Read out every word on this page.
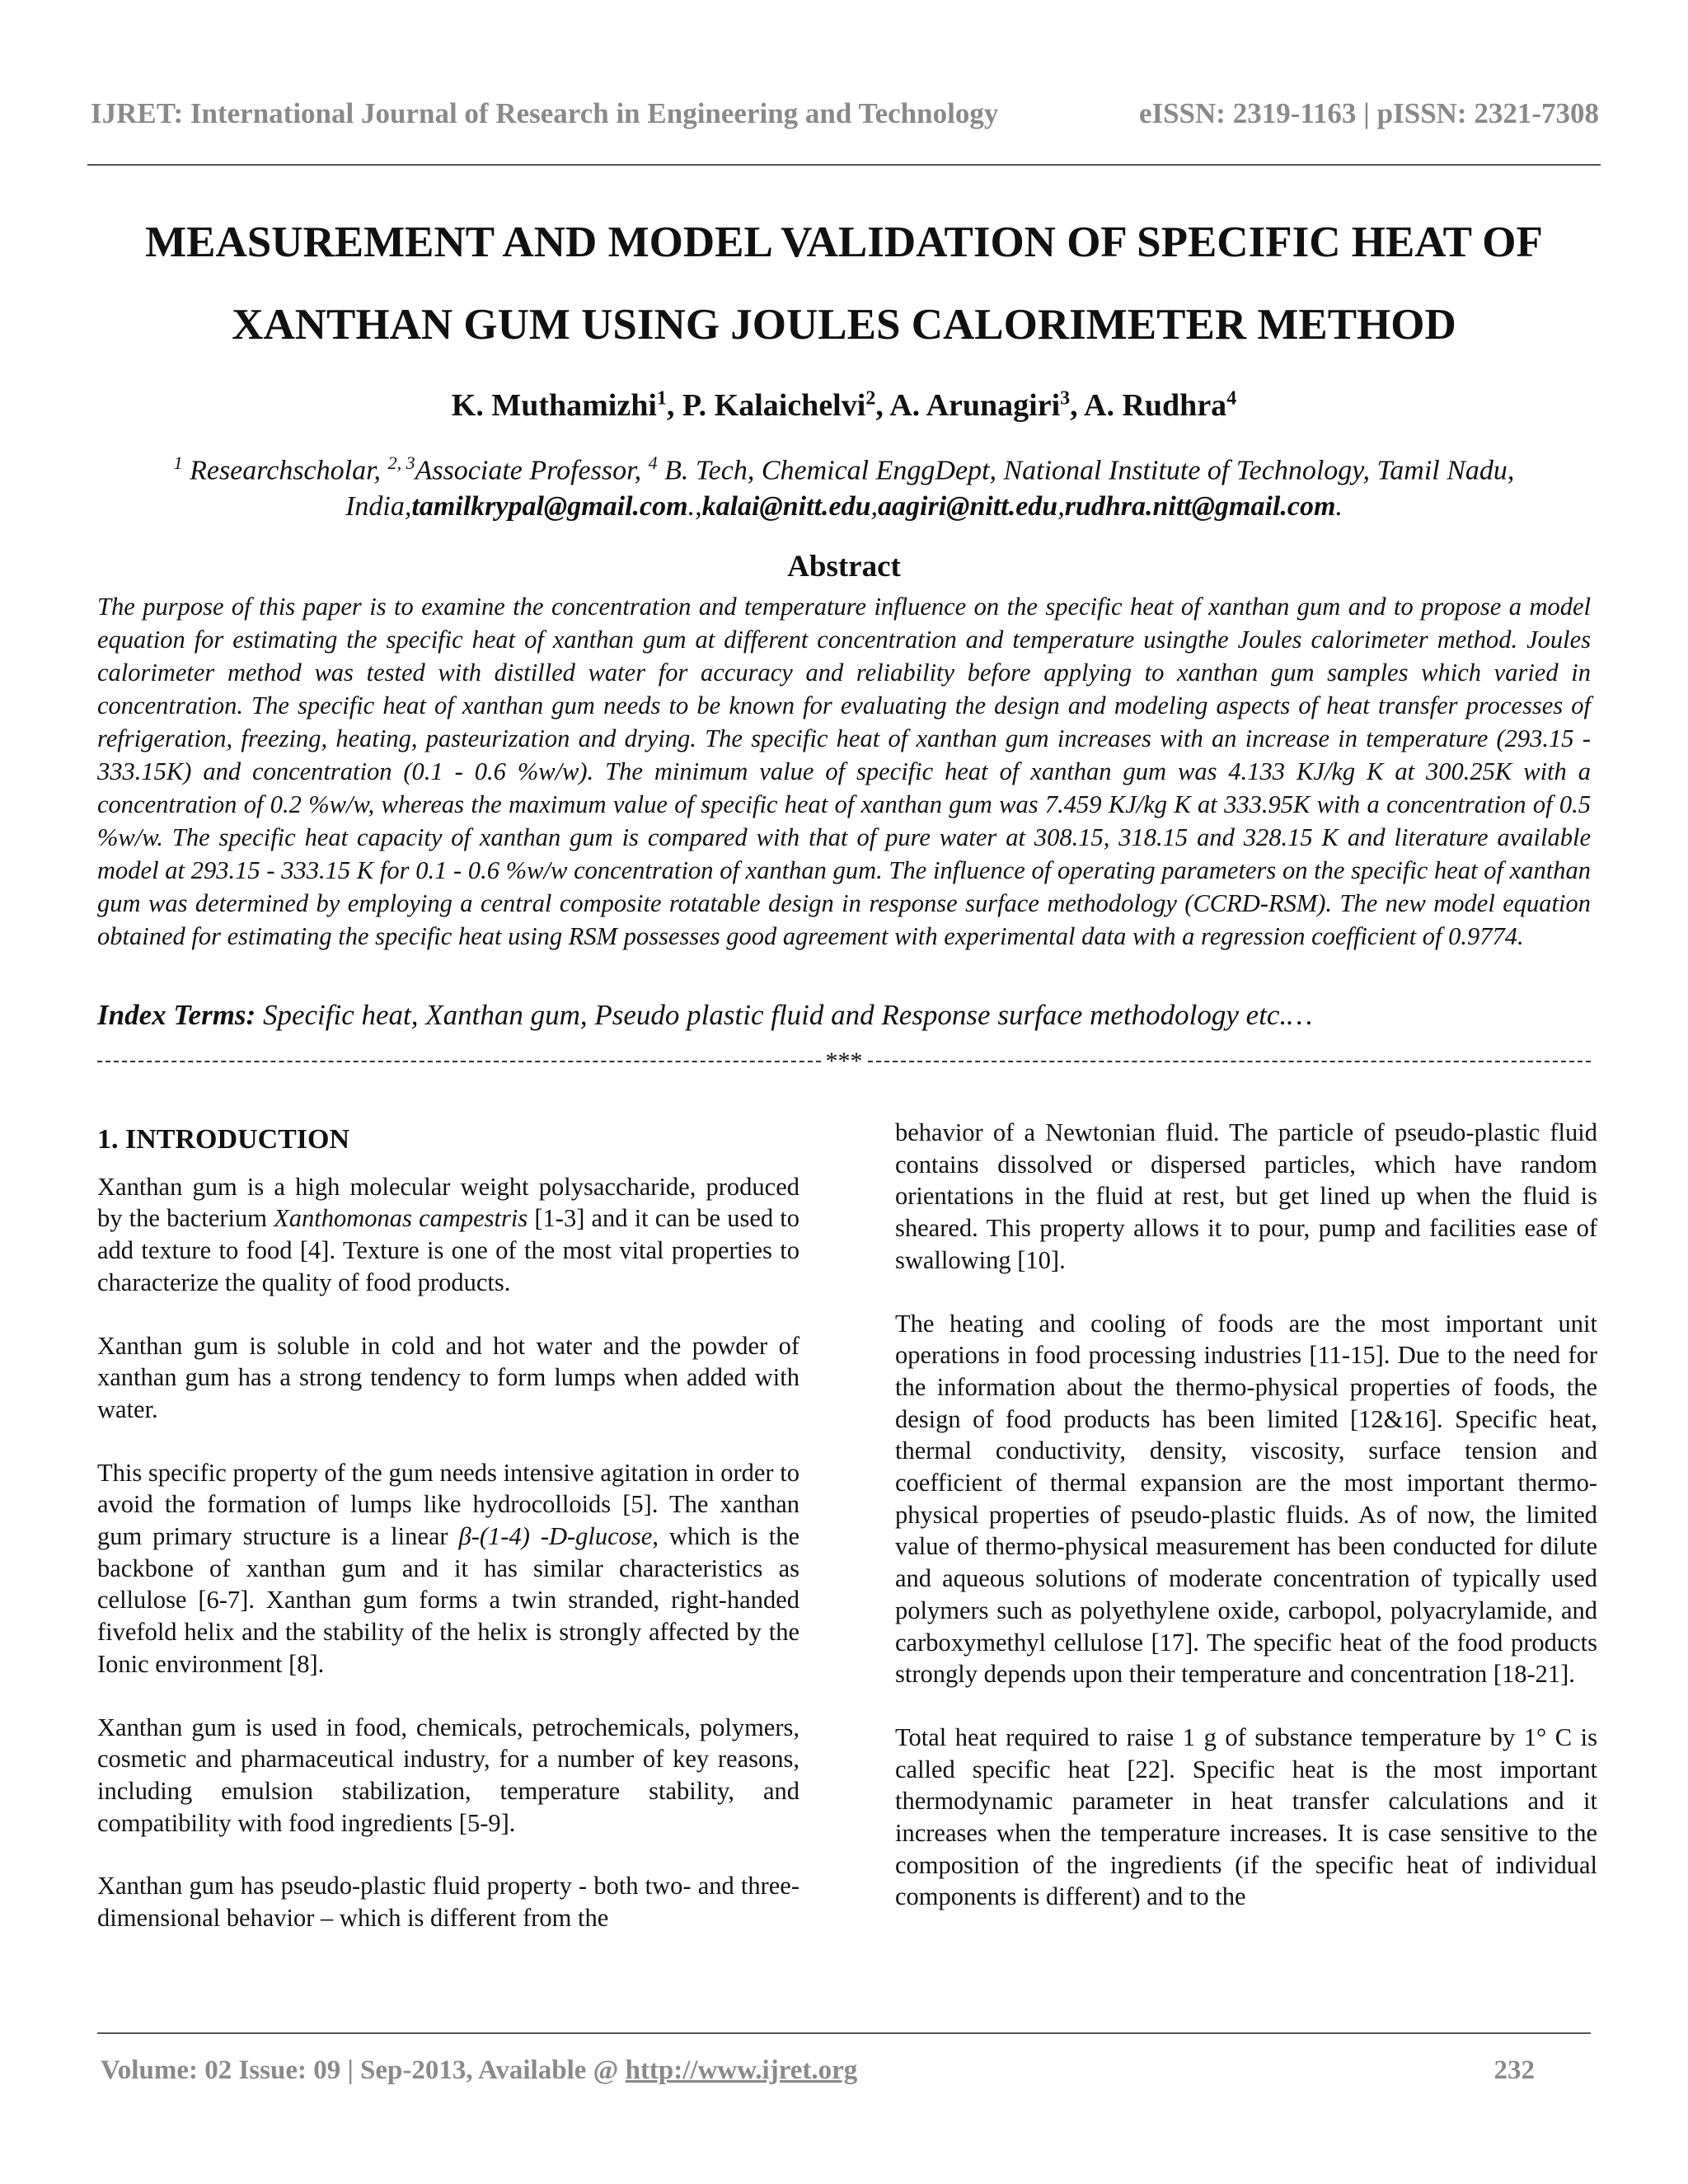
IJRET: International Journal of Research in Engineering and Technology	eISSN: 2319-1163 | pISSN: 2321-7308
MEASUREMENT AND MODEL VALIDATION OF SPECIFIC HEAT OF
XANTHAN GUM USING JOULES CALORIMETER METHOD
K. Muthamizhi$^1$, P. Kalaichelvi$^2$, A. Arunagiri$^3$, A. Rudhra$^4$
$^1$ Researchscholar, $^{2, 3}$Associate Professor, $^4$ B. Tech, Chemical EnggDept, National Institute of Technology, Tamil Nadu,
India,tamilkrypal@gmail.com.,kalai@nitt.edu,aagiri@nitt.edu,rudhra.nitt@gmail.com.
Abstract
The purpose of this paper is to examine the concentration and temperature influence on the specific heat of xanthan gum and to propose a model equation for estimating the specific heat of xanthan gum at different concentration and temperature usingthe Joules calorimeter method. Joules calorimeter method was tested with distilled water for accuracy and reliability before applying to xanthan gum samples which varied in concentration. The specific heat of xanthan gum needs to be known for evaluating the design and modeling aspects of heat transfer processes of refrigeration, freezing, heating, pasteurization and drying. The specific heat of xanthan gum increases with an increase in temperature (293.15 - 333.15K) and concentration (0.1 - 0.6 %w/w). The minimum value of specific heat of xanthan gum was 4.133 KJ/kg K at 300.25K with a concentration of 0.2 %w/w, whereas the maximum value of specific heat of xanthan gum was 7.459 KJ/kg K at 333.95K with a concentration of 0.5 %w/w. The specific heat capacity of xanthan gum is compared with that of pure water at 308.15, 318.15 and 328.15 K and literature available model at 293.15 - 333.15 K for 0.1 - 0.6 %w/w concentration of xanthan gum. The influence of operating parameters on the specific heat of xanthan gum was determined by employing a central composite rotatable design in response surface methodology (CCRD-RSM). The new model equation obtained for estimating the specific heat using RSM possesses good agreement with experimental data with a regression coefficient of 0.9774.
Index Terms: Specific heat, Xanthan gum, Pseudo plastic fluid and Response surface methodology etc.…
***
1. INTRODUCTION

Xanthan gum is a high molecular weight polysaccharide, produced by the bacterium Xanthomonas campestris [1-3] and it can be used to add texture to food [4]. Texture is one of the most vital properties to characterize the quality of food products.

Xanthan gum is soluble in cold and hot water and the powder of xanthan gum has a strong tendency to form lumps when added with water.

This specific property of the gum needs intensive agitation in order to avoid the formation of lumps like hydrocolloids [5]. The xanthan gum primary structure is a linear β-(1-4) -D-glucose, which is the backbone of xanthan gum and it has similar characteristics as cellulose [6-7]. Xanthan gum forms a twin stranded, right-handed fivefold helix and the stability of the helix is strongly affected by the Ionic environment [8].

Xanthan gum is used in food, chemicals, petrochemicals, polymers, cosmetic and pharmaceutical industry, for a number of key reasons, including emulsion stabilization, temperature stability, and compatibility with food ingredients [5-9].

Xanthan gum has pseudo-plastic fluid property - both two- and three-dimensional behavior – which is different from the

behavior of a Newtonian fluid. The particle of pseudo-plastic fluid contains dissolved or dispersed particles, which have random orientations in the fluid at rest, but get lined up when the fluid is sheared. This property allows it to pour, pump and facilities ease of swallowing [10].

The heating and cooling of foods are the most important unit operations in food processing industries [11-15]. Due to the need for the information about the thermo-physical properties of foods, the design of food products has been limited [12&16]. Specific heat, thermal conductivity, density, viscosity, surface tension and coefficient of thermal expansion are the most important thermo-physical properties of pseudo-plastic fluids. As of now, the limited value of thermo-physical measurement has been conducted for dilute and aqueous solutions of moderate concentration of typically used polymers such as polyethylene oxide, carbopol, polyacrylamide, and carboxymethyl cellulose [17]. The specific heat of the food products strongly depends upon their temperature and concentration [18-21].

Total heat required to raise 1 g of substance temperature by 1° C is called specific heat [22]. Specific heat is the most important thermodynamic parameter in heat transfer calculations and it increases when the temperature increases. It is case sensitive to the composition of the ingredients (if the specific heat of individual components is different) and to the

Volume: 02 Issue: 09 | Sep-2013, Available @ http://www.ijret.org	232
